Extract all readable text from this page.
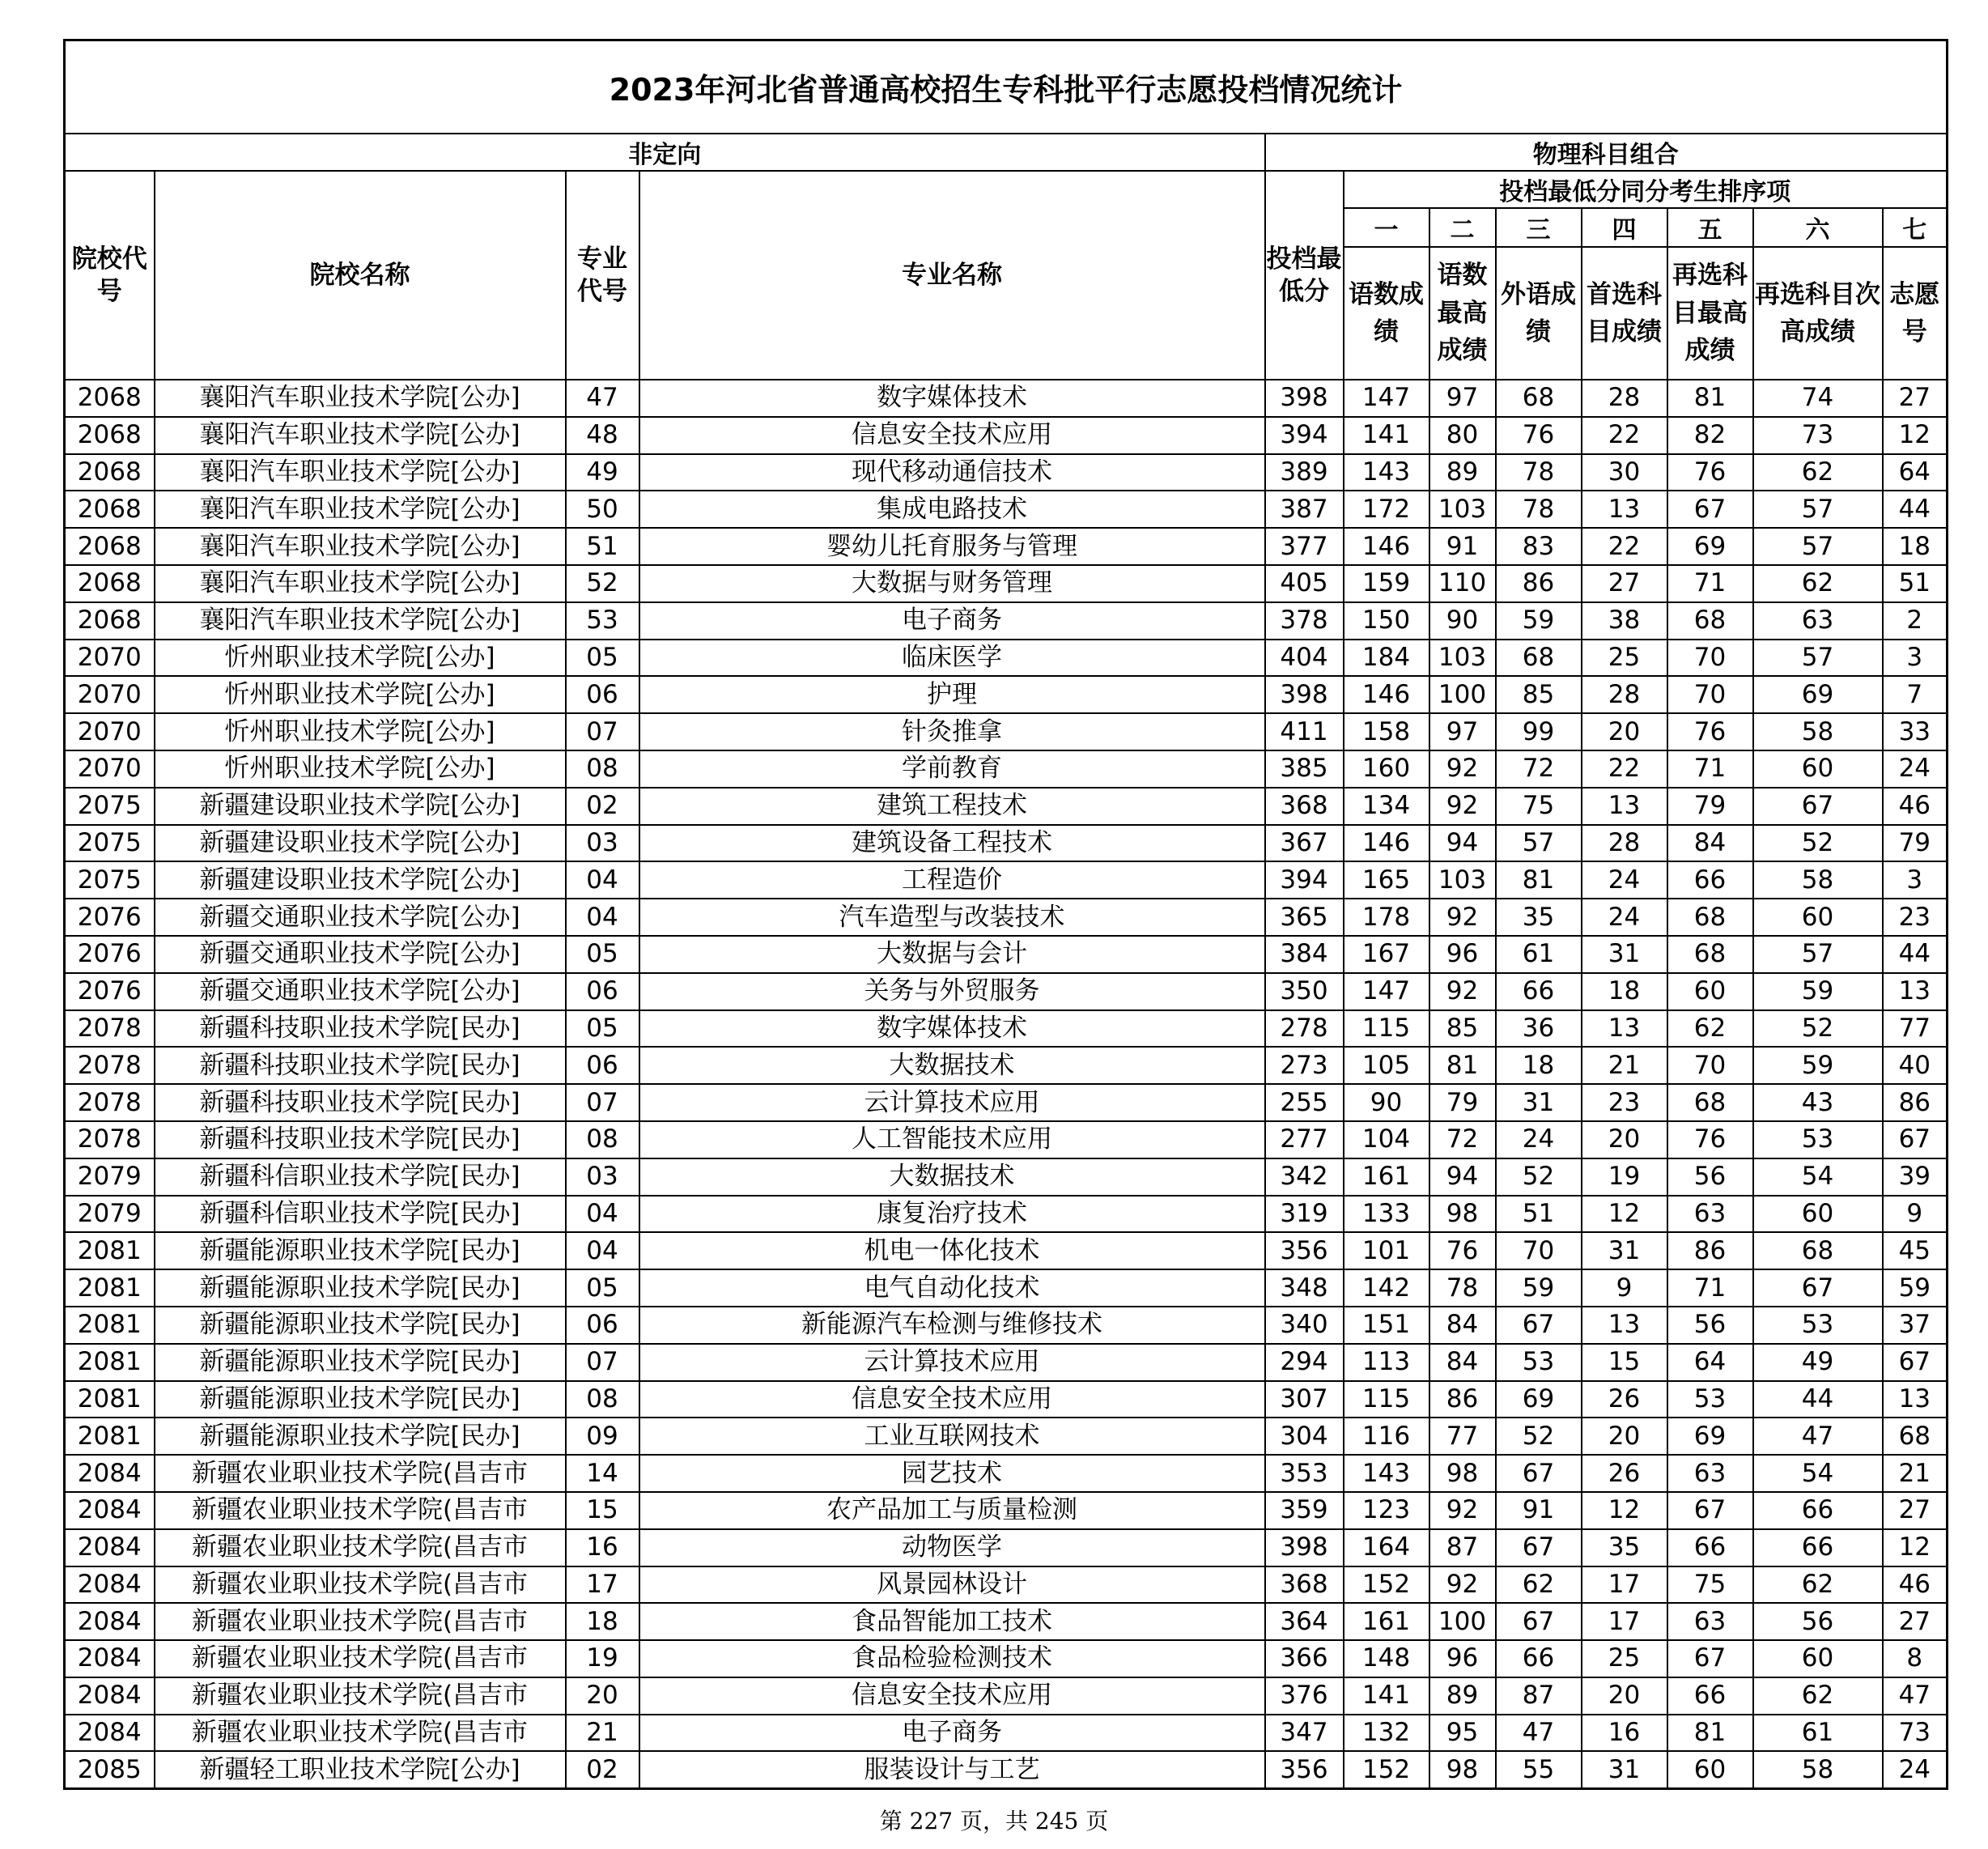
2023年河北省普通高校招生专科批平行志愿投档情况统计											
非定向				物理科目组合							
院校代号	院校名称	专业代号	专业名称	投档最低分	投档最低分同分考生排序项						
					一	二	三	四	五	六	七
					语数成绩	语数最高成绩	外语成绩	首选科目成绩	再选科目最高成绩	再选科目次高成绩	志愿号
2068	襄阳汽车职业技术学院[公办]	47	数字媒体技术	398	147	97	68	28	81	74	27
2068	襄阳汽车职业技术学院[公办]	48	信息安全技术应用	394	141	80	76	22	82	73	12
2068	襄阳汽车职业技术学院[公办]	49	现代移动通信技术	389	143	89	78	30	76	62	64
2068	襄阳汽车职业技术学院[公办]	50	集成电路技术	387	172	103	78	13	67	57	44
2068	襄阳汽车职业技术学院[公办]	51	婴幼儿托育服务与管理	377	146	91	83	22	69	57	18
2068	襄阳汽车职业技术学院[公办]	52	大数据与财务管理	405	159	110	86	27	71	62	51
2068	襄阳汽车职业技术学院[公办]	53	电子商务	378	150	90	59	38	68	63	2
2070	忻州职业技术学院[公办]	05	临床医学	404	184	103	68	25	70	57	3
2070	忻州职业技术学院[公办]	06	护理	398	146	100	85	28	70	69	7
2070	忻州职业技术学院[公办]	07	针灸推拿	411	158	97	99	20	76	58	33
2070	忻州职业技术学院[公办]	08	学前教育	385	160	92	72	22	71	60	24
2075	新疆建设职业技术学院[公办]	02	建筑工程技术	368	134	92	75	13	79	67	46
2075	新疆建设职业技术学院[公办]	03	建筑设备工程技术	367	146	94	57	28	84	52	79
2075	新疆建设职业技术学院[公办]	04	工程造价	394	165	103	81	24	66	58	3
2076	新疆交通职业技术学院[公办]	04	汽车造型与改装技术	365	178	92	35	24	68	60	23
2076	新疆交通职业技术学院[公办]	05	大数据与会计	384	167	96	61	31	68	57	44
2076	新疆交通职业技术学院[公办]	06	关务与外贸服务	350	147	92	66	18	60	59	13
2078	新疆科技职业技术学院[民办]	05	数字媒体技术	278	115	85	36	13	62	52	77
2078	新疆科技职业技术学院[民办]	06	大数据技术	273	105	81	18	21	70	59	40
2078	新疆科技职业技术学院[民办]	07	云计算技术应用	255	90	79	31	23	68	43	86
2078	新疆科技职业技术学院[民办]	08	人工智能技术应用	277	104	72	24	20	76	53	67
2079	新疆科信职业技术学院[民办]	03	大数据技术	342	161	94	52	19	56	54	39
2079	新疆科信职业技术学院[民办]	04	康复治疗技术	319	133	98	51	12	63	60	9
2081	新疆能源职业技术学院[民办]	04	机电一体化技术	356	101	76	70	31	86	68	45
2081	新疆能源职业技术学院[民办]	05	电气自动化技术	348	142	78	59	9	71	67	59
2081	新疆能源职业技术学院[民办]	06	新能源汽车检测与维修技术	340	151	84	67	13	56	53	37
2081	新疆能源职业技术学院[民办]	07	云计算技术应用	294	113	84	53	15	64	49	67
2081	新疆能源职业技术学院[民办]	08	信息安全技术应用	307	115	86	69	26	53	44	13
2081	新疆能源职业技术学院[民办]	09	工业互联网技术	304	116	77	52	20	69	47	68
2084	新疆农业职业技术学院(昌吉市	14	园艺技术	353	143	98	67	26	63	54	21
2084	新疆农业职业技术学院(昌吉市	15	农产品加工与质量检测	359	123	92	91	12	67	66	27
2084	新疆农业职业技术学院(昌吉市	16	动物医学	398	164	87	67	35	66	66	12
2084	新疆农业职业技术学院(昌吉市	17	风景园林设计	368	152	92	62	17	75	62	46
2084	新疆农业职业技术学院(昌吉市	18	食品智能加工技术	364	161	100	67	17	63	56	27
2084	新疆农业职业技术学院(昌吉市	19	食品检验检测技术	366	148	96	66	25	67	60	8
2084	新疆农业职业技术学院(昌吉市	20	信息安全技术应用	376	141	89	87	20	66	62	47
2084	新疆农业职业技术学院(昌吉市	21	电子商务	347	132	95	47	16	81	61	73
2085	新疆轻工职业技术学院[公办]	02	服装设计与工艺	356	152	98	55	31	60	58	24
第 227 页，共 245 页
